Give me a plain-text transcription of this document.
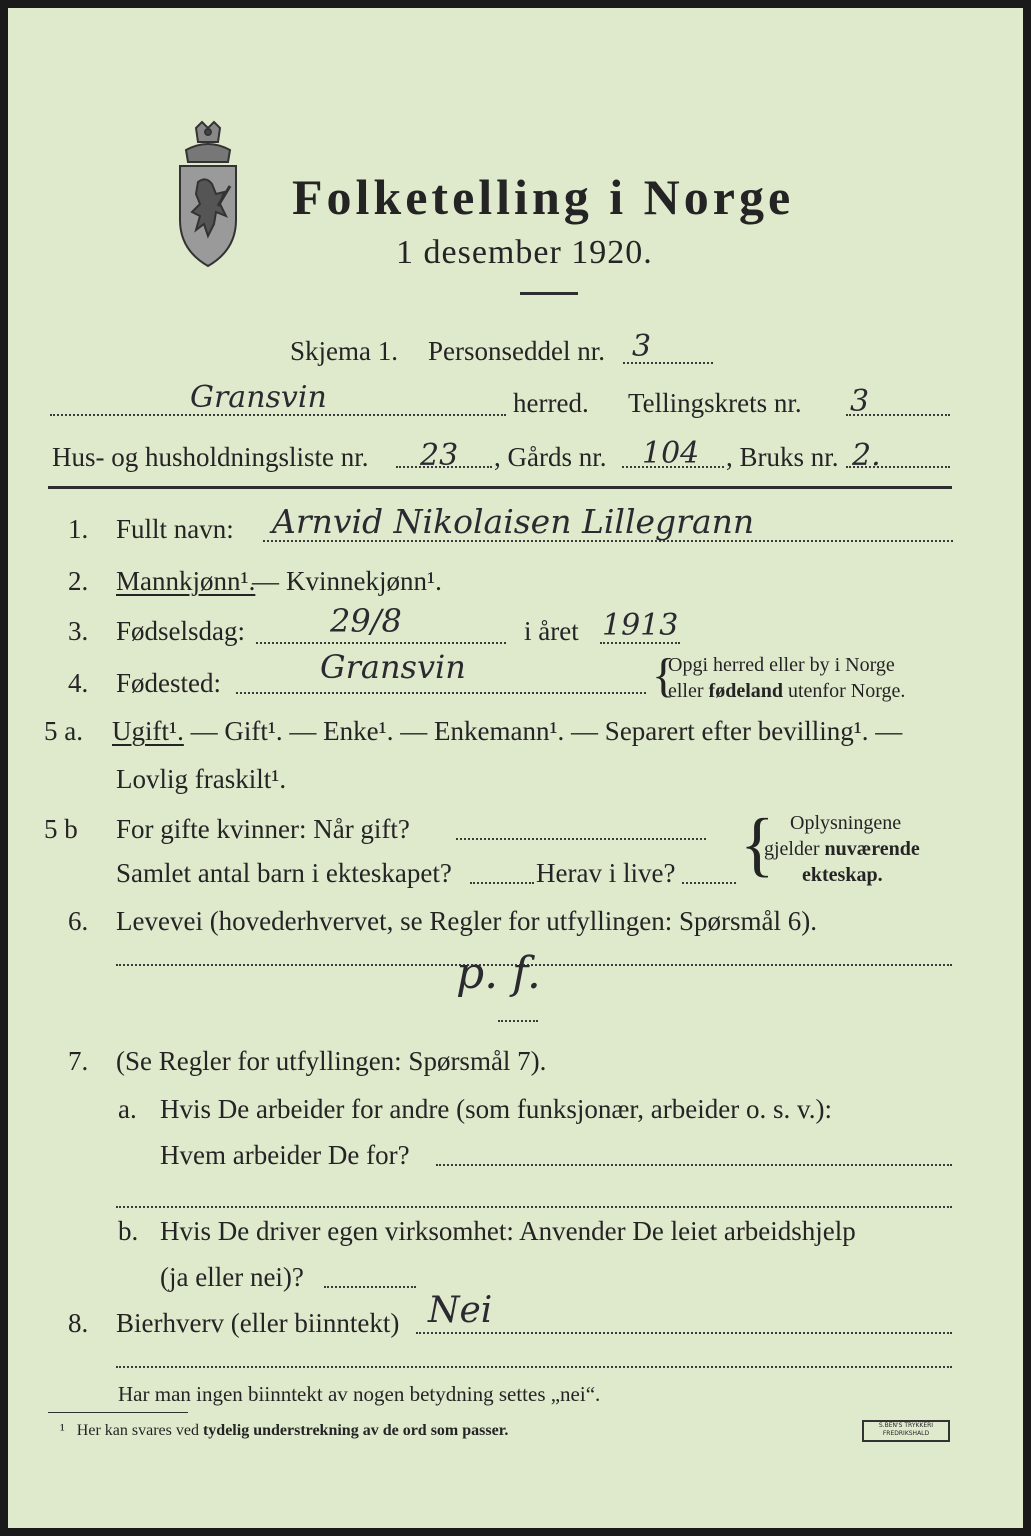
Folketelling i Norge
1 desember 1920.
Skjema 1. Personseddel nr. 3
Gransvin	herred. Tellingskrets nr. 3
Hus- og husholdningsliste nr. 23 , Gårds nr. 104 , Bruks nr. 2.
1. Fullt navn: Arnvid Nikolaisen Lillegrann
2. Mannkjønn¹.
— Kvinnekjønn¹.
3. Fødselsdag:	29/8	i året 1913
4. Fødested:	Gransvin	{
Opgi herred eller by i Norge
eller fødeland utenfor Norge.
5 a. Ugift¹. — Gift¹. — Enke¹. — Enkemann¹. — Separert efter bevilling¹. —
Lovlig fraskilt¹.
5 b For gifte kvinner: Når gift?
Samlet antal barn i ekteskapet?	Herav i live? { Oplysningene
gjelder nuværende
ekteskap.
6. Levevei (hovederhvervet, se Regler for utfyllingen: Spørsmål 6).
p. f.
7. (Se Regler for utfyllingen: Spørsmål 7).
a. Hvis De arbeider for andre (som funksjonær, arbeider o. s. v.):
Hvem arbeider De for?
b. Hvis De driver egen virksomhet: Anvender De leiet arbeidshjelp
(ja eller nei)?
8. Bierhverv (eller biinntekt) Nei
Har man ingen biinntekt av nogen betydning settes „nei“.
¹ Her kan svares ved tydelig understrekning av de ord som passer.	S.BEN'S TRYKKERI
FREDRIKSHALD
